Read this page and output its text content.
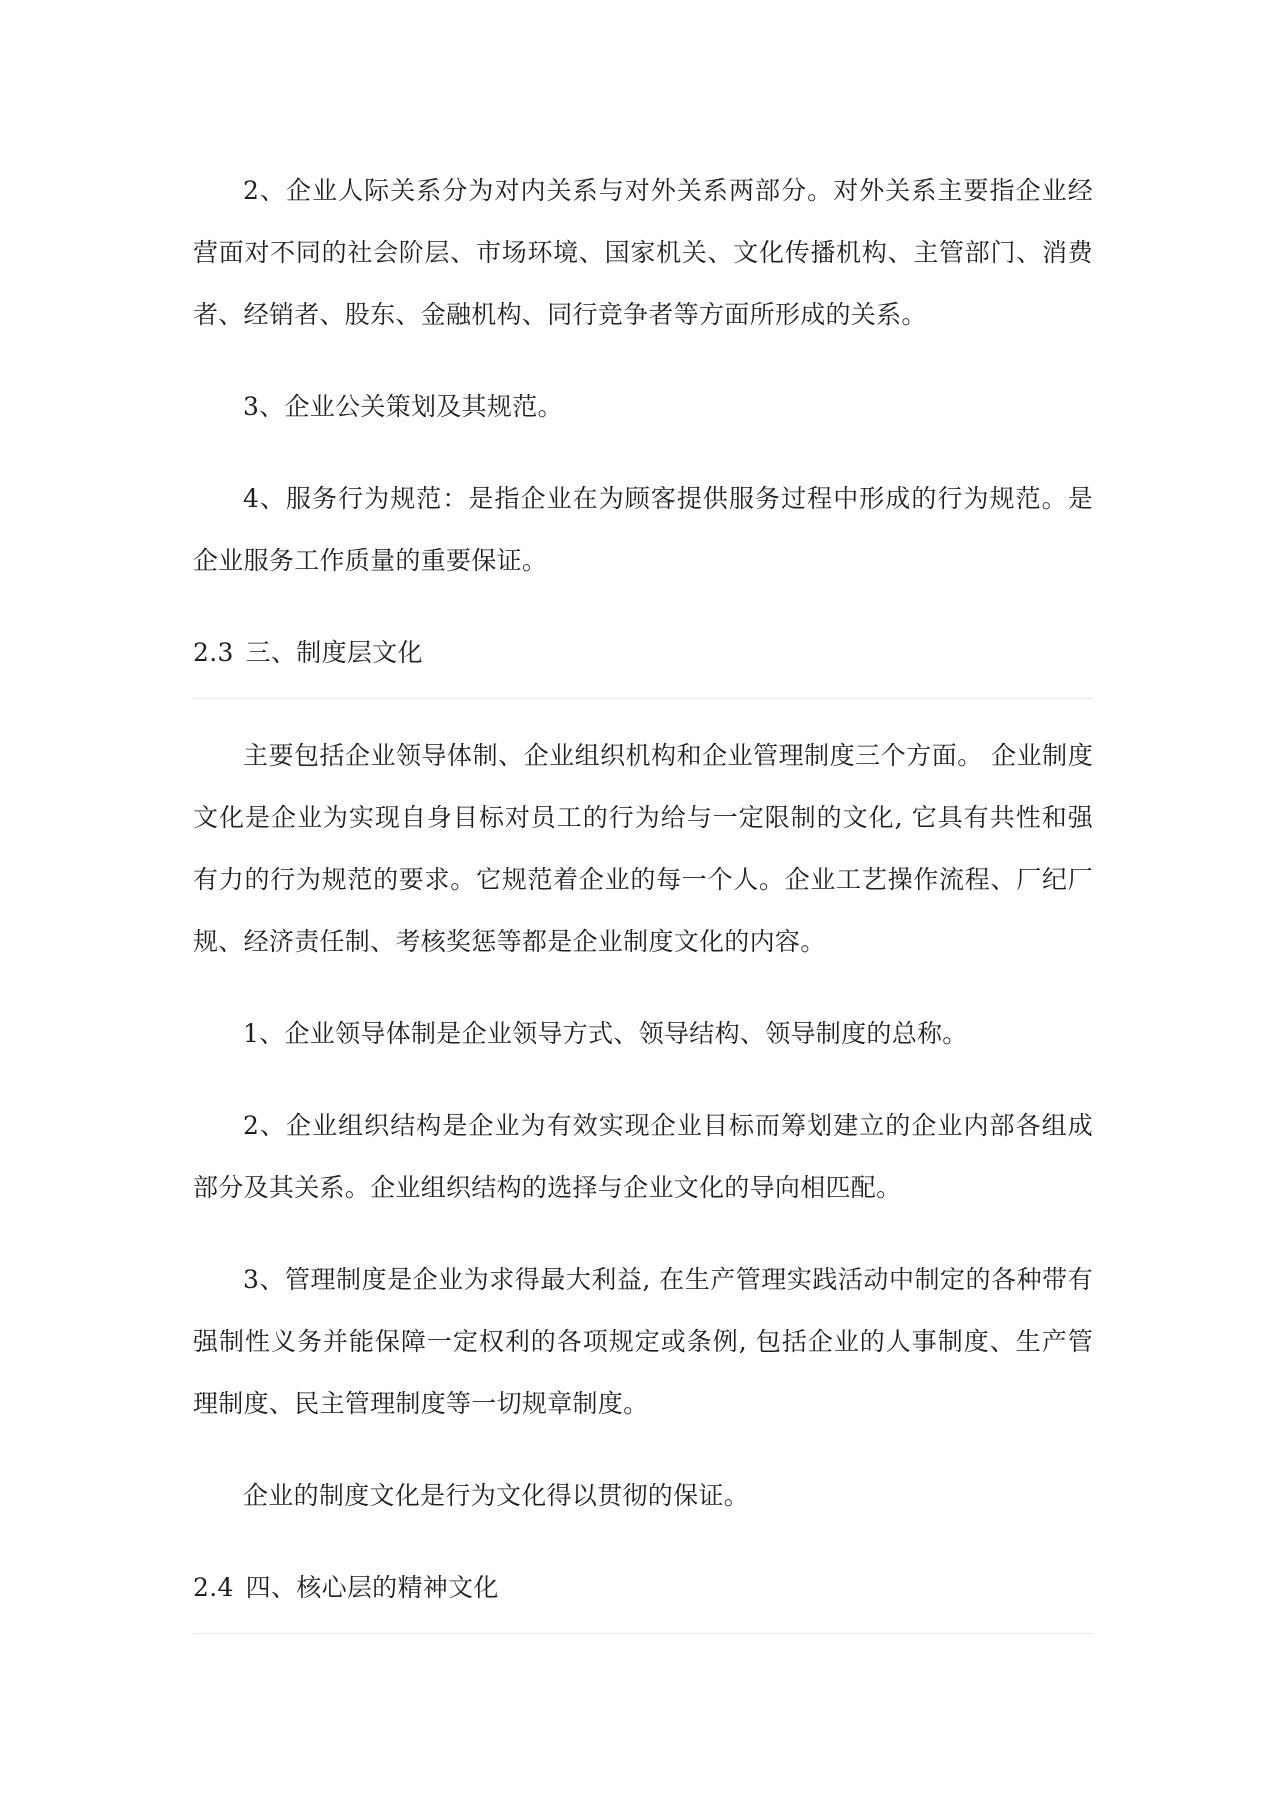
2、企业人际关系分为对内关系与对外关系两部分。对外关系主要指企业经营面对不同的社会阶层、市场环境、国家机关、文化传播机构、主管部门、消费者、经销者、股东、金融机构、同行竞争者等方面所形成的关系。

3、企业公关策划及其规范。

4、服务行为规范：是指企业在为顾客提供服务过程中形成的行为规范。是企业服务工作质量的重要保证。

2.3 三、制度层文化

主要包括企业领导体制、企业组织机构和企业管理制度三个方面。 企业制度文化是企业为实现自身目标对员工的行为给与一定限制的文化, 它具有共性和强有力的行为规范的要求。它规范着企业的每一个人。企业工艺操作流程、厂纪厂规、经济责任制、考核奖惩等都是企业制度文化的内容。

1、企业领导体制是企业领导方式、领导结构、领导制度的总称。

2、企业组织结构是企业为有效实现企业目标而筹划建立的企业内部各组成部分及其关系。企业组织结构的选择与企业文化的导向相匹配。

3、管理制度是企业为求得最大利益, 在生产管理实践活动中制定的各种带有强制性义务并能保障一定权利的各项规定或条例, 包括企业的人事制度、生产管理制度、民主管理制度等一切规章制度。

企业的制度文化是行为文化得以贯彻的保证。

2.4 四、核心层的精神文化
